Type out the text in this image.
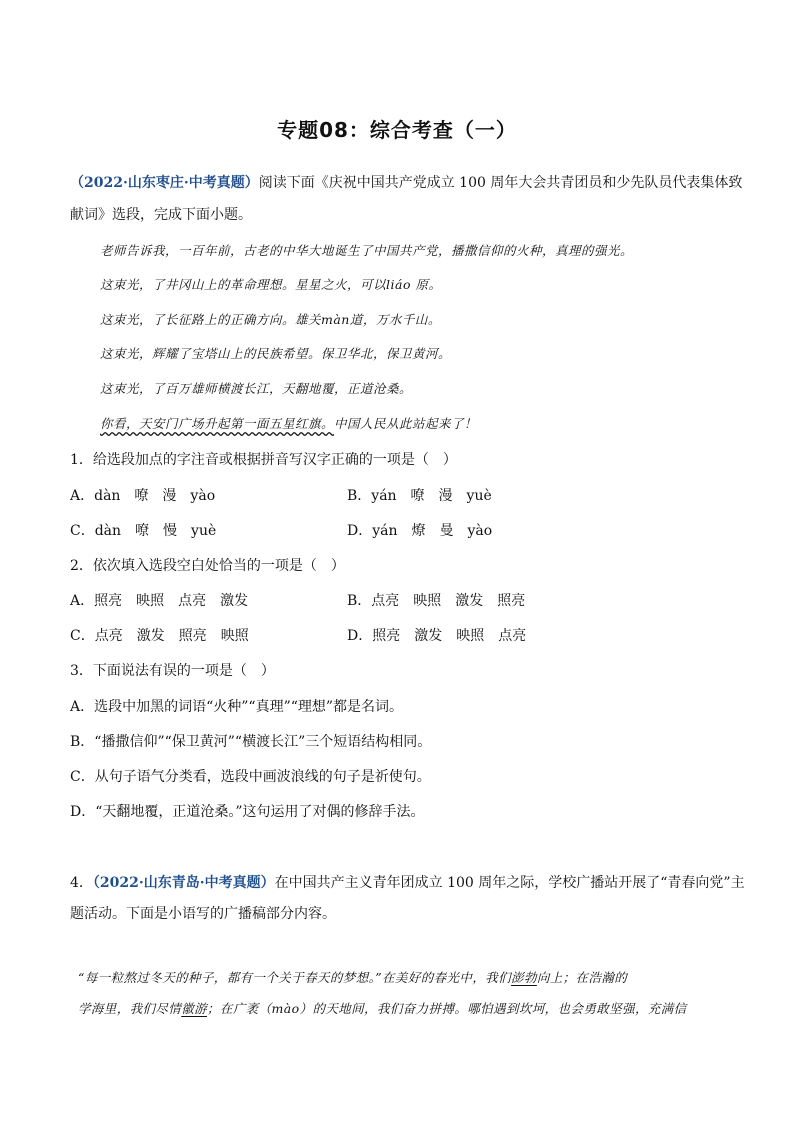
专题08：综合考查（一）
（2022·山东枣庄·中考真题）阅读下面《庆祝中国共产党成立 100 周年大会共青团员和少先队员代表集体致
献词》选段，完成下面小题。
老师告诉我，一百年前，古老的中华大地诞生了中国共产党，播撒信仰的火种，真理的强光。
这束光，了井冈山上的革命理想。星星之火，可以liáo 原。
这束光，了长征路上的正确方向。雄关màn道，万水千山。
这束光，辉耀了宝塔山上的民族希望。保卫华北，保卫黄河。
这束光，了百万雄师横渡长江，天翻地覆，正道沧桑。
你看，天安门广场升起第一面五星红旗。中国人民从此站起来了！
1．给选段加点的字注音或根据拼音写汉字正确的一项是（　）
A．dàn　嘹　漫　yào	B．yán　嘹　漫　yuè
C．dàn　嘹　慢　yuè	D．yán　燎　曼　yào
2．依次填入选段空白处恰当的一项是（　）
A．照亮　映照　点亮　激发	B．点亮　映照　激发　照亮
C．点亮　激发　照亮　映照	D．照亮　激发　映照　点亮
3．下面说法有误的一项是（　）
A．选段中加黑的词语“火种”“真理”“理想”都是名词。
B．“播撒信仰”“保卫黄河”“横渡长江”三个短语结构相同。
C．从句子语气分类看，选段中画波浪线的句子是祈使句。
D．“天翻地覆，正道沧桑。”这句运用了对偶的修辞手法。
4．（2022·山东青岛·中考真题）在中国共产主义青年团成立 100 周年之际，学校广播站开展了“青春向党”主
题活动。下面是小语写的广播稿部分内容。
“每一粒熬过冬天的种子，都有一个关于春天的梦想。”在美好的春光中，我们澎勃向上；在浩瀚的
学海里，我们尽情徽游；在广袤（mào）的天地间，我们奋力拼搏。哪怕遇到坎坷，也会勇敢坚强，充满信
